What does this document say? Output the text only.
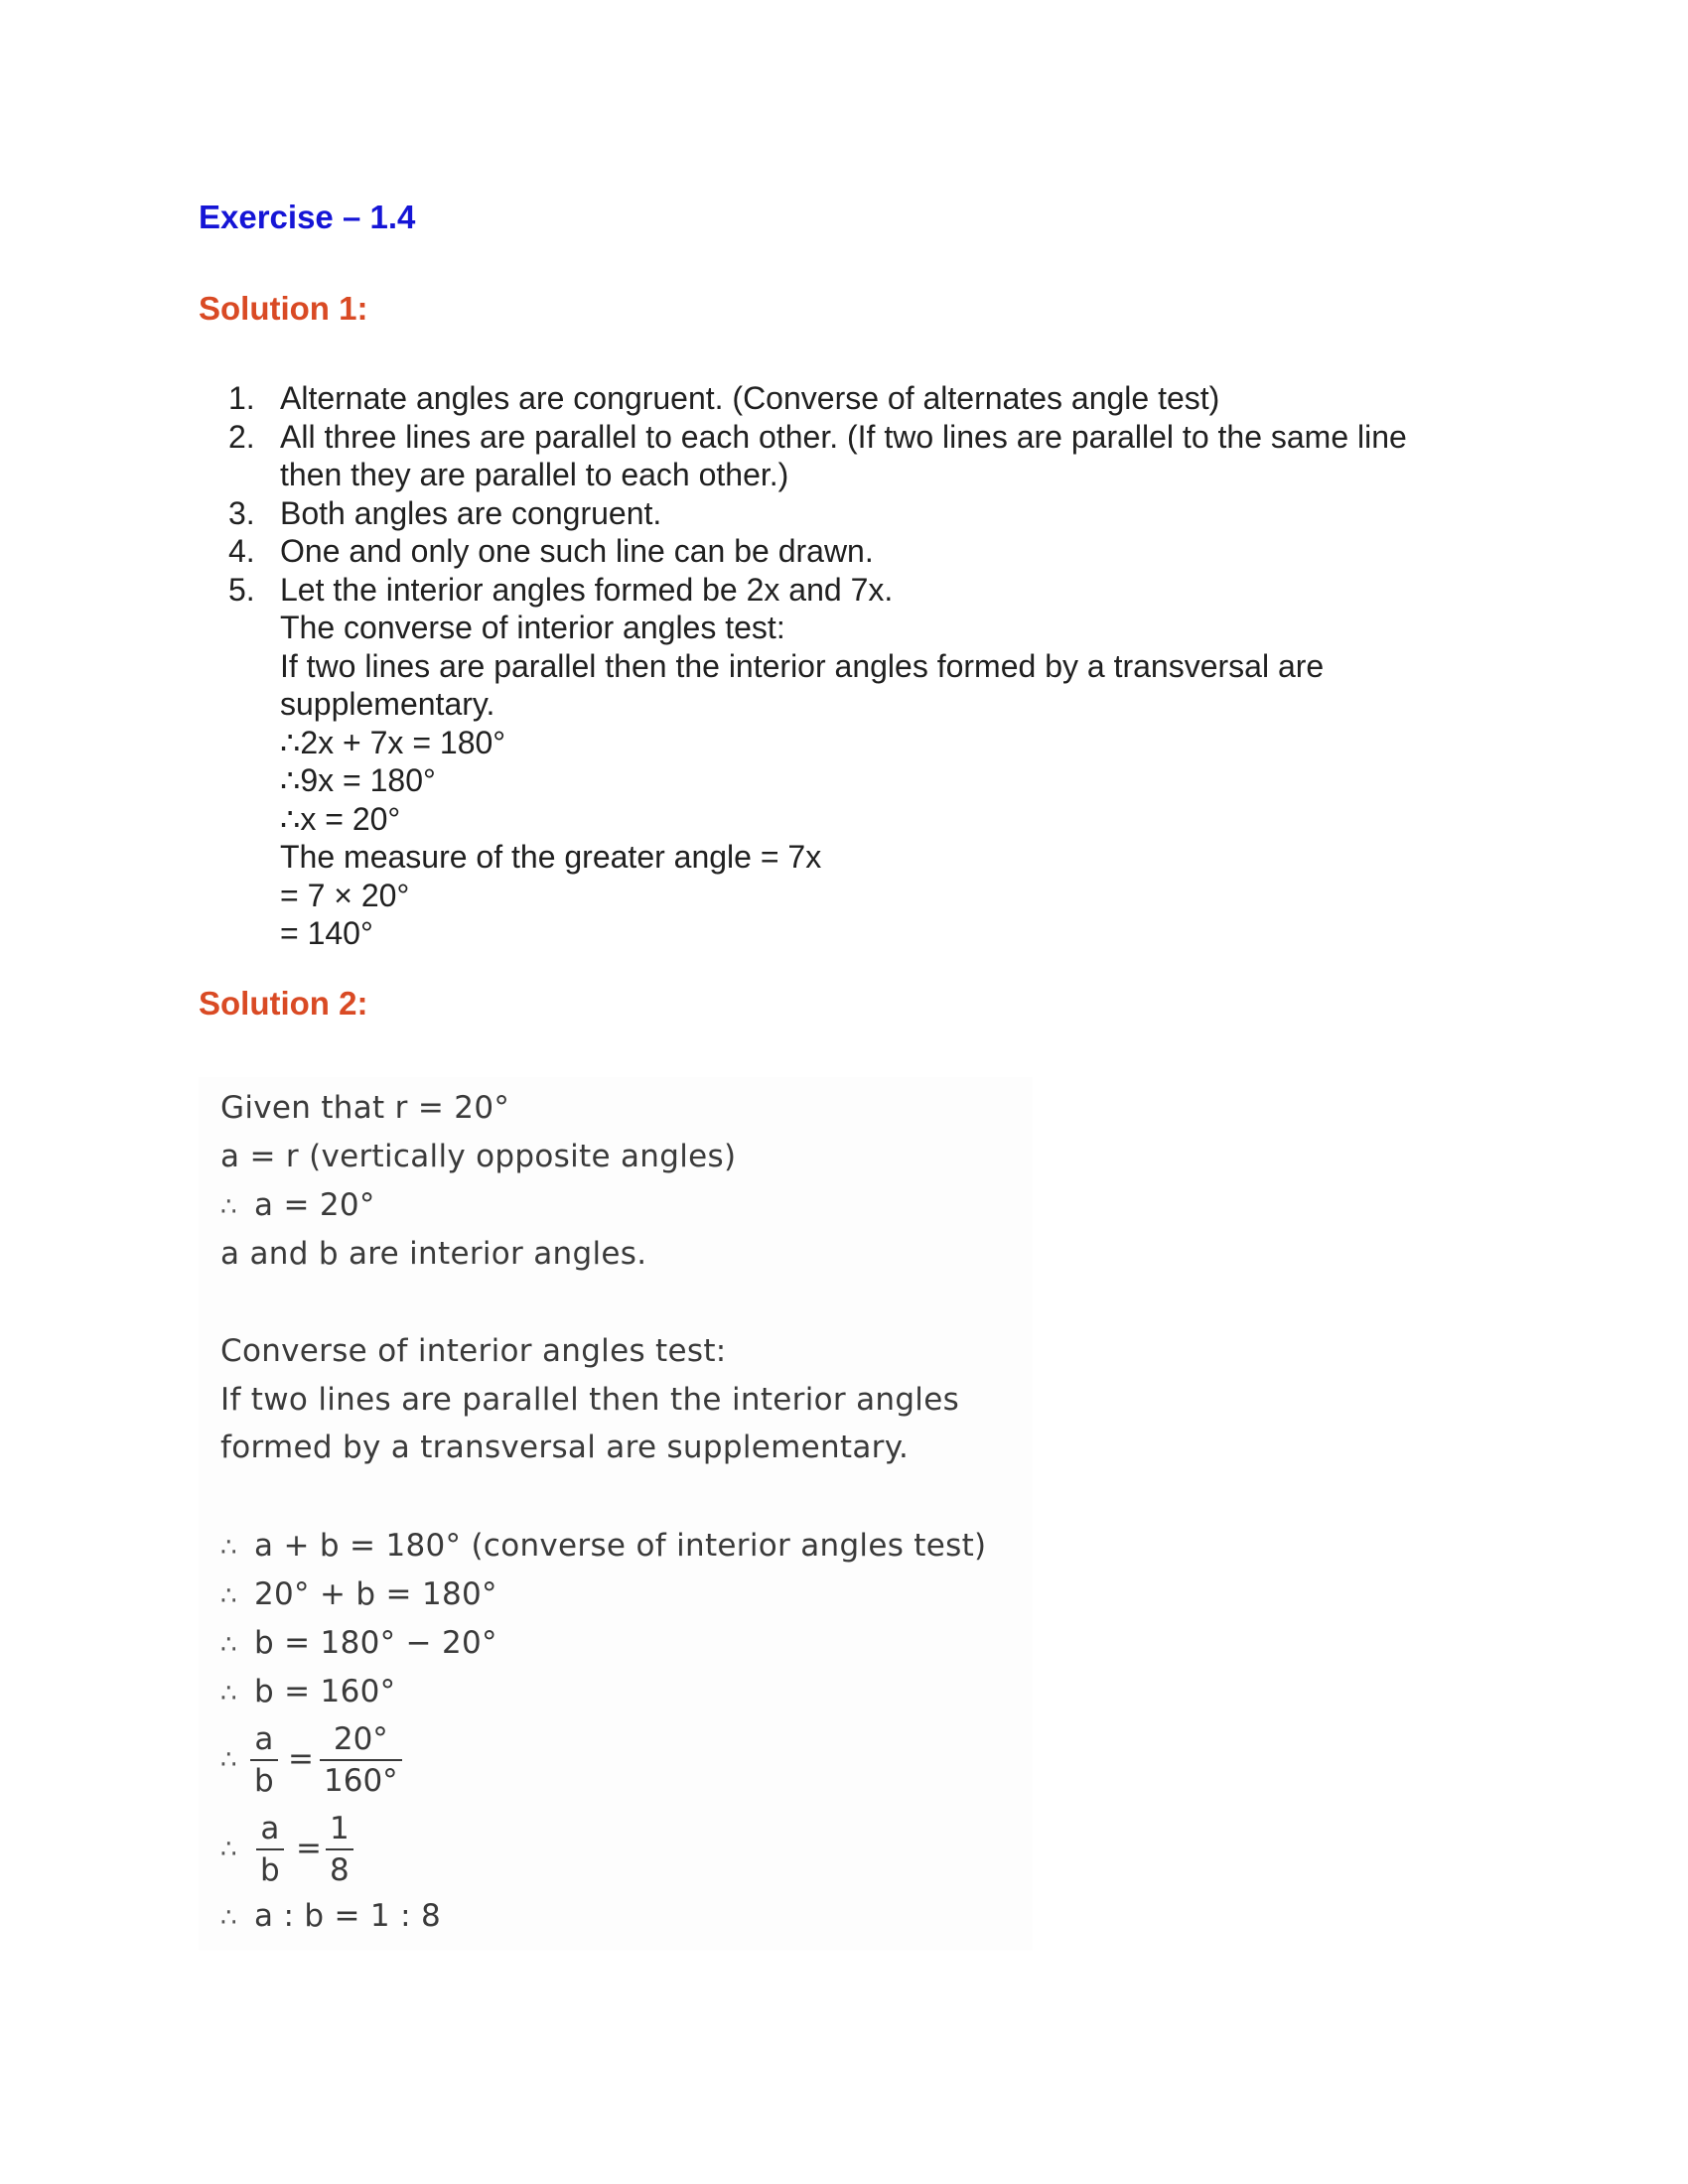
Exercise – 1.4
Solution 1:
1. Alternate angles are congruent. (Converse of alternates angle test)
2. All three lines are parallel to each other. (If two lines are parallel to the same line
then they are parallel to each other.)
3. Both angles are congruent.
4. One and only one such line can be drawn.
5. Let the interior angles formed be 2x and 7x.
The converse of interior angles test:
If two lines are parallel then the interior angles formed by a transversal are
supplementary.
∴2x + 7x = 180°
∴9x = 180°
∴x = 20°
The measure of the greater angle = 7x
= 7 × 20°
= 140°
Solution 2:
Given that r = 20°
a = r (vertically opposite angles)
∴ a = 20°
a and b are interior angles.
Converse of interior angles test:
If two lines are parallel then the interior angles
formed by a transversal are supplementary.
∴ a + b = 180° (converse of interior angles test)
∴ 20° + b = 180°
∴ b = 180° − 20°
∴ b = 160°
∴
a
b
=
20°
160°
∴
a
b
=
1
8
∴ a : b = 1 : 8
